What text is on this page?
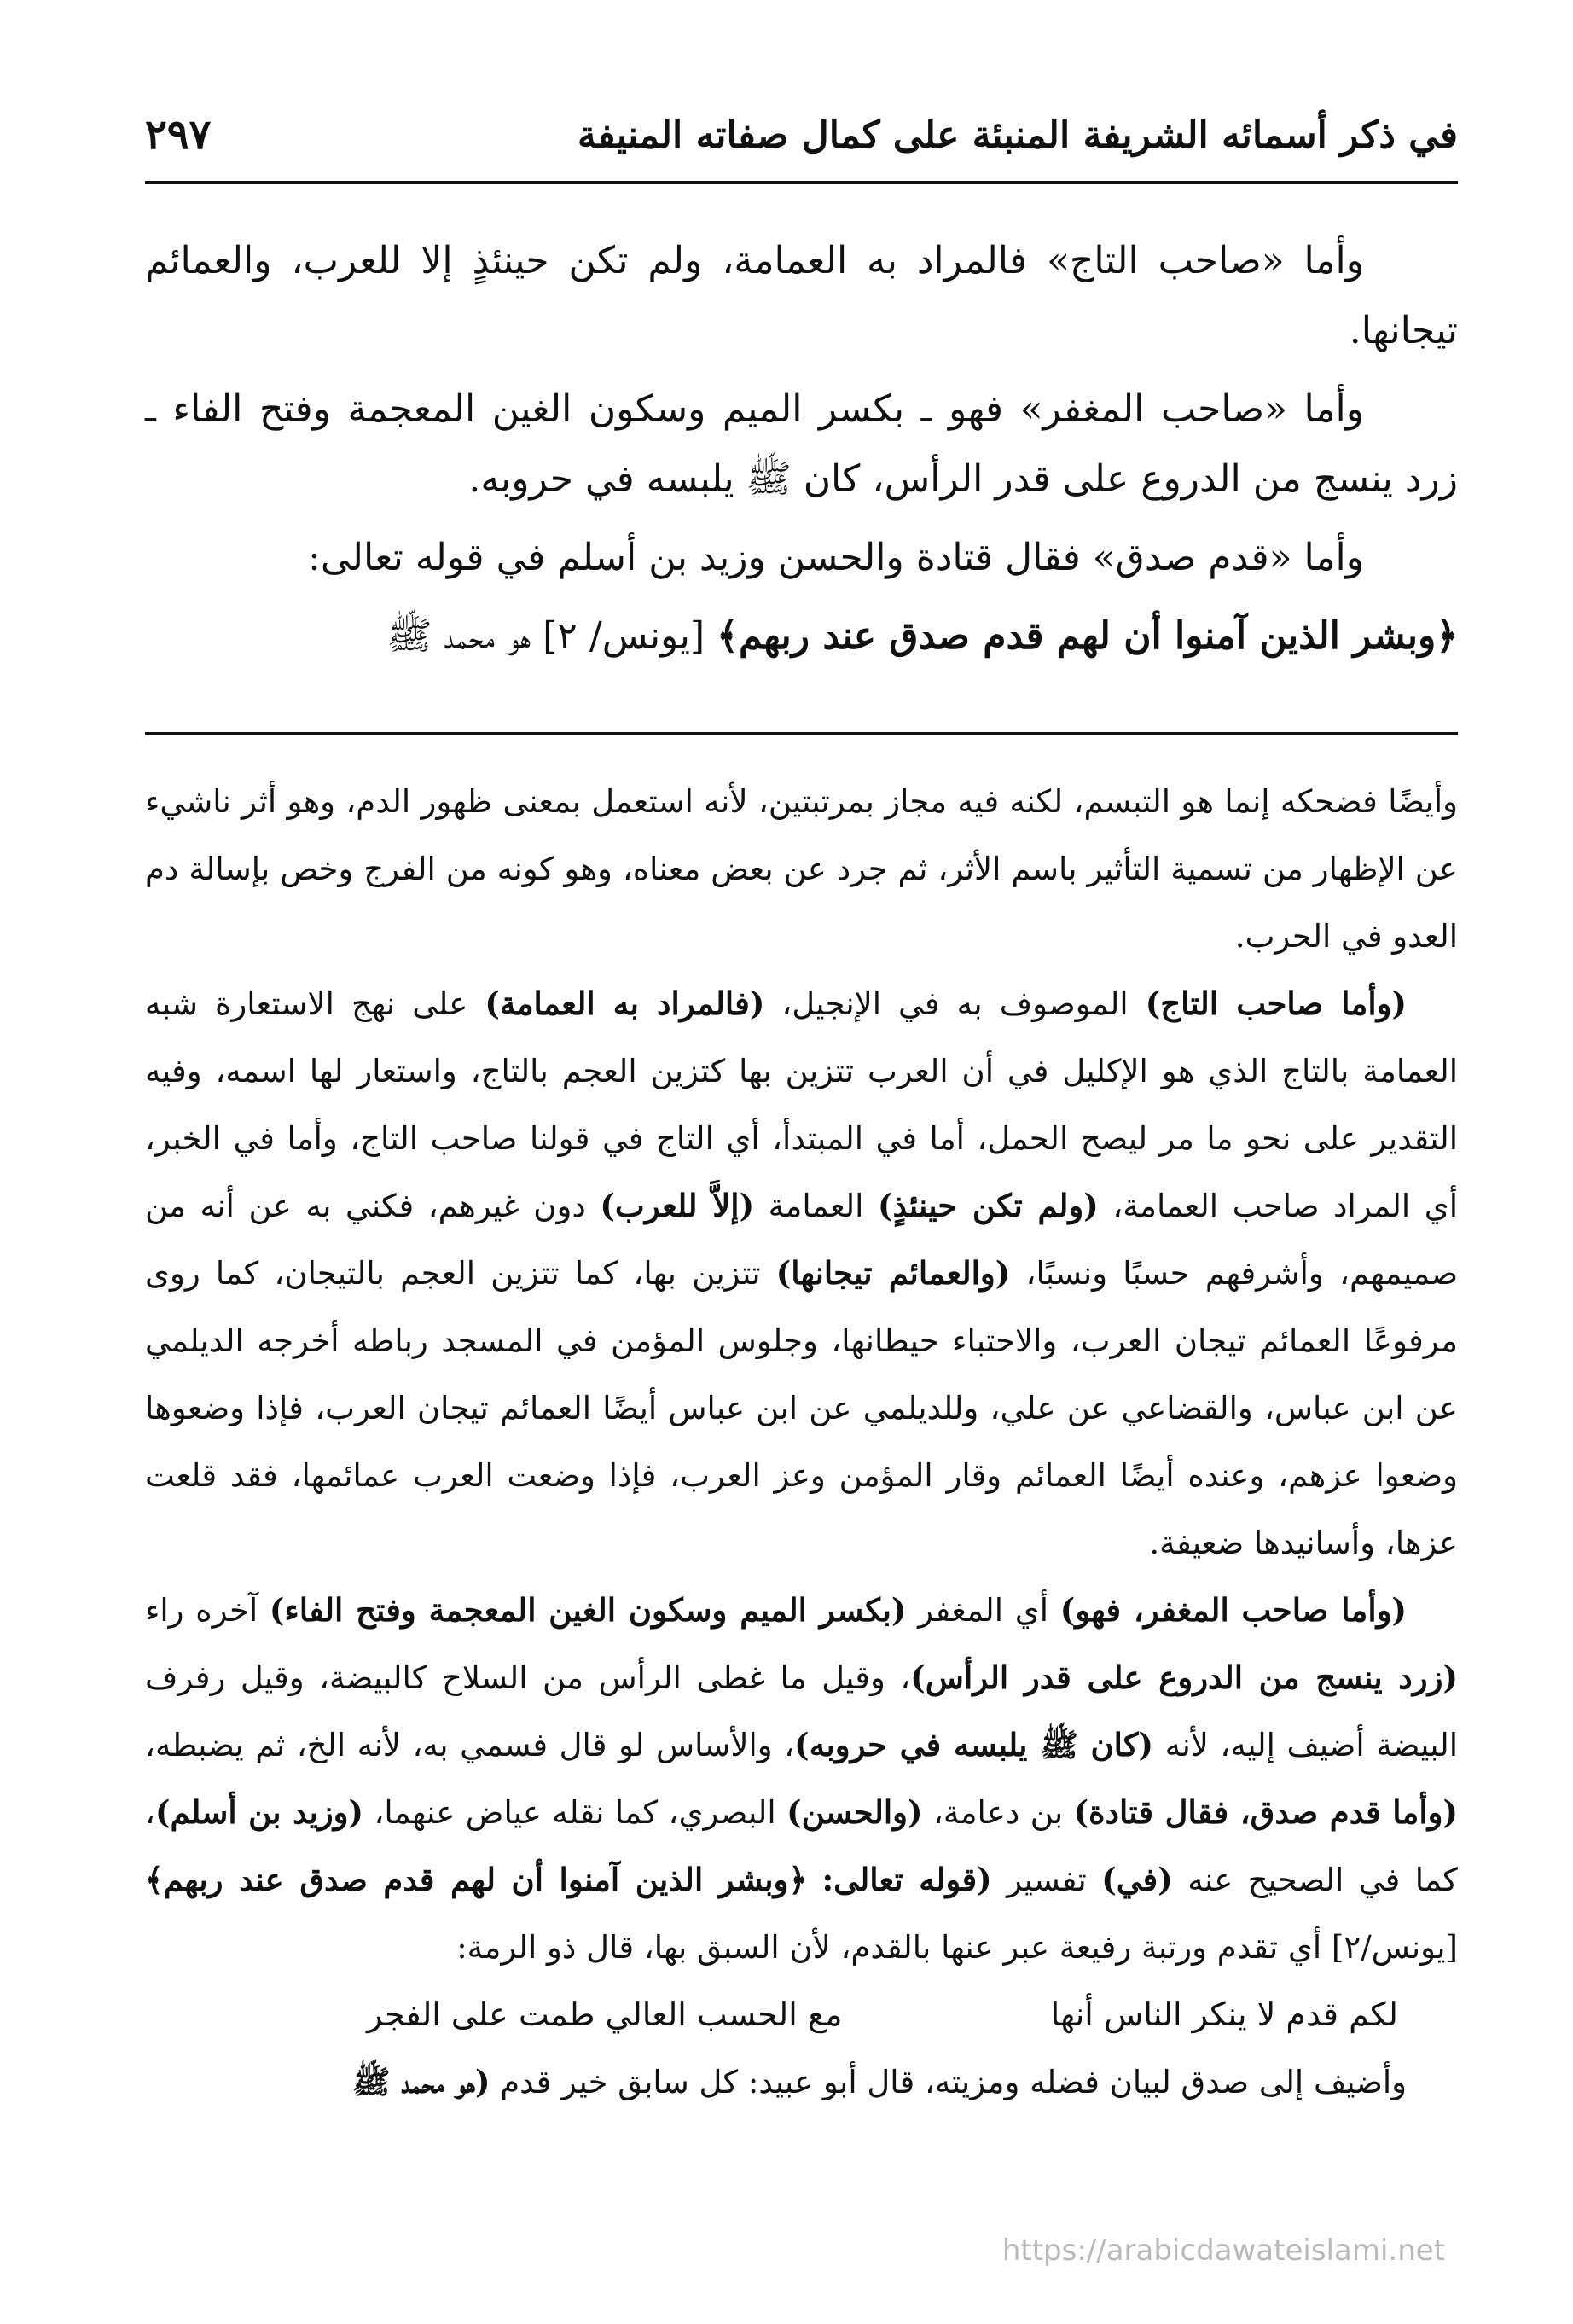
في ذكر أسمائه الشريفة المنبئة على كمال صفاته المنيفة
٢٩٧

وأما «صاحب التاج» فالمراد به العمامة، ولم تكن حينئذٍ إلا للعرب، والعمائم تيجانها.

وأما «صاحب المغفر» فهو ـ بكسر الميم وسكون الغين المعجمة وفتح الفاء ـ زرد ينسج من الدروع على قدر الرأس، كان ﷺ يلبسه في حروبه.

وأما «قدم صدق» فقال قتادة والحسن وزيد بن أسلم في قوله تعالى:

﴿وبشر الذين آمنوا أن لهم قدم صدق عند ربهم﴾ [يونس/ ٢] هو محمد ﷺ

وأيضًا فضحكه إنما هو التبسم، لكنه فيه مجاز بمرتبتين، لأنه استعمل بمعنى ظهور الدم، وهو أثر ناشيء عن الإظهار من تسمية التأثير باسم الأثر، ثم جرد عن بعض معناه، وهو كونه من الفرج وخص بإسالة دم العدو في الحرب.

(وأما صاحب التاج) الموصوف به في الإنجيل، (فالمراد به العمامة) على نهج الاستعارة شبه العمامة بالتاج الذي هو الإكليل في أن العرب تتزين بها كتزين العجم بالتاج، واستعار لها اسمه، وفيه التقدير على نحو ما مر ليصح الحمل، أما في المبتدأ، أي التاج في قولنا صاحب التاج، وأما في الخبر، أي المراد صاحب العمامة، (ولم تكن حينئذٍ) العمامة (إلاَّ للعرب) دون غيرهم، فكني به عن أنه من صميمهم، وأشرفهم حسبًا ونسبًا، (والعمائم تيجانها) تتزين بها، كما تتزين العجم بالتيجان، كما روى مرفوعًا العمائم تيجان العرب، والاحتباء حيطانها، وجلوس المؤمن في المسجد رباطه أخرجه الديلمي عن ابن عباس، والقضاعي عن علي، وللديلمي عن ابن عباس أيضًا العمائم تيجان العرب، فإذا وضعوها وضعوا عزهم، وعنده أيضًا العمائم وقار المؤمن وعز العرب، فإذا وضعت العرب عمائمها، فقد قلعت عزها، وأسانيدها ضعيفة.

(وأما صاحب المغفر، فهو) أي المغفر (بكسر الميم وسكون الغين المعجمة وفتح الفاء) آخره راء (زرد ينسج من الدروع على قدر الرأس)، وقيل ما غطى الرأس من السلاح كالبيضة، وقيل رفرف البيضة أضيف إليه، لأنه (كان ﷺ يلبسه في حروبه)، والأساس لو قال فسمي به، لأنه الخ، ثم يضبطه، (وأما قدم صدق، فقال قتادة) بن دعامة، (والحسن) البصري، كما نقله عياض عنهما، (وزيد بن أسلم)، كما في الصحيح عنه (في) تفسير (قوله تعالى: ﴿وبشر الذين آمنوا أن لهم قدم صدق عند ربهم﴾ [يونس/٢] أي تقدم ورتبة رفيعة عبر عنها بالقدم، لأن السبق بها، قال ذو الرمة:

لكم قدم لا ينكر الناس أنها
مع الحسب العالي طمت على الفجر

وأضيف إلى صدق لبيان فضله ومزيته، قال أبو عبيد: كل سابق خير قدم (هو محمد ﷺ

https://arabicdawateislami.net
